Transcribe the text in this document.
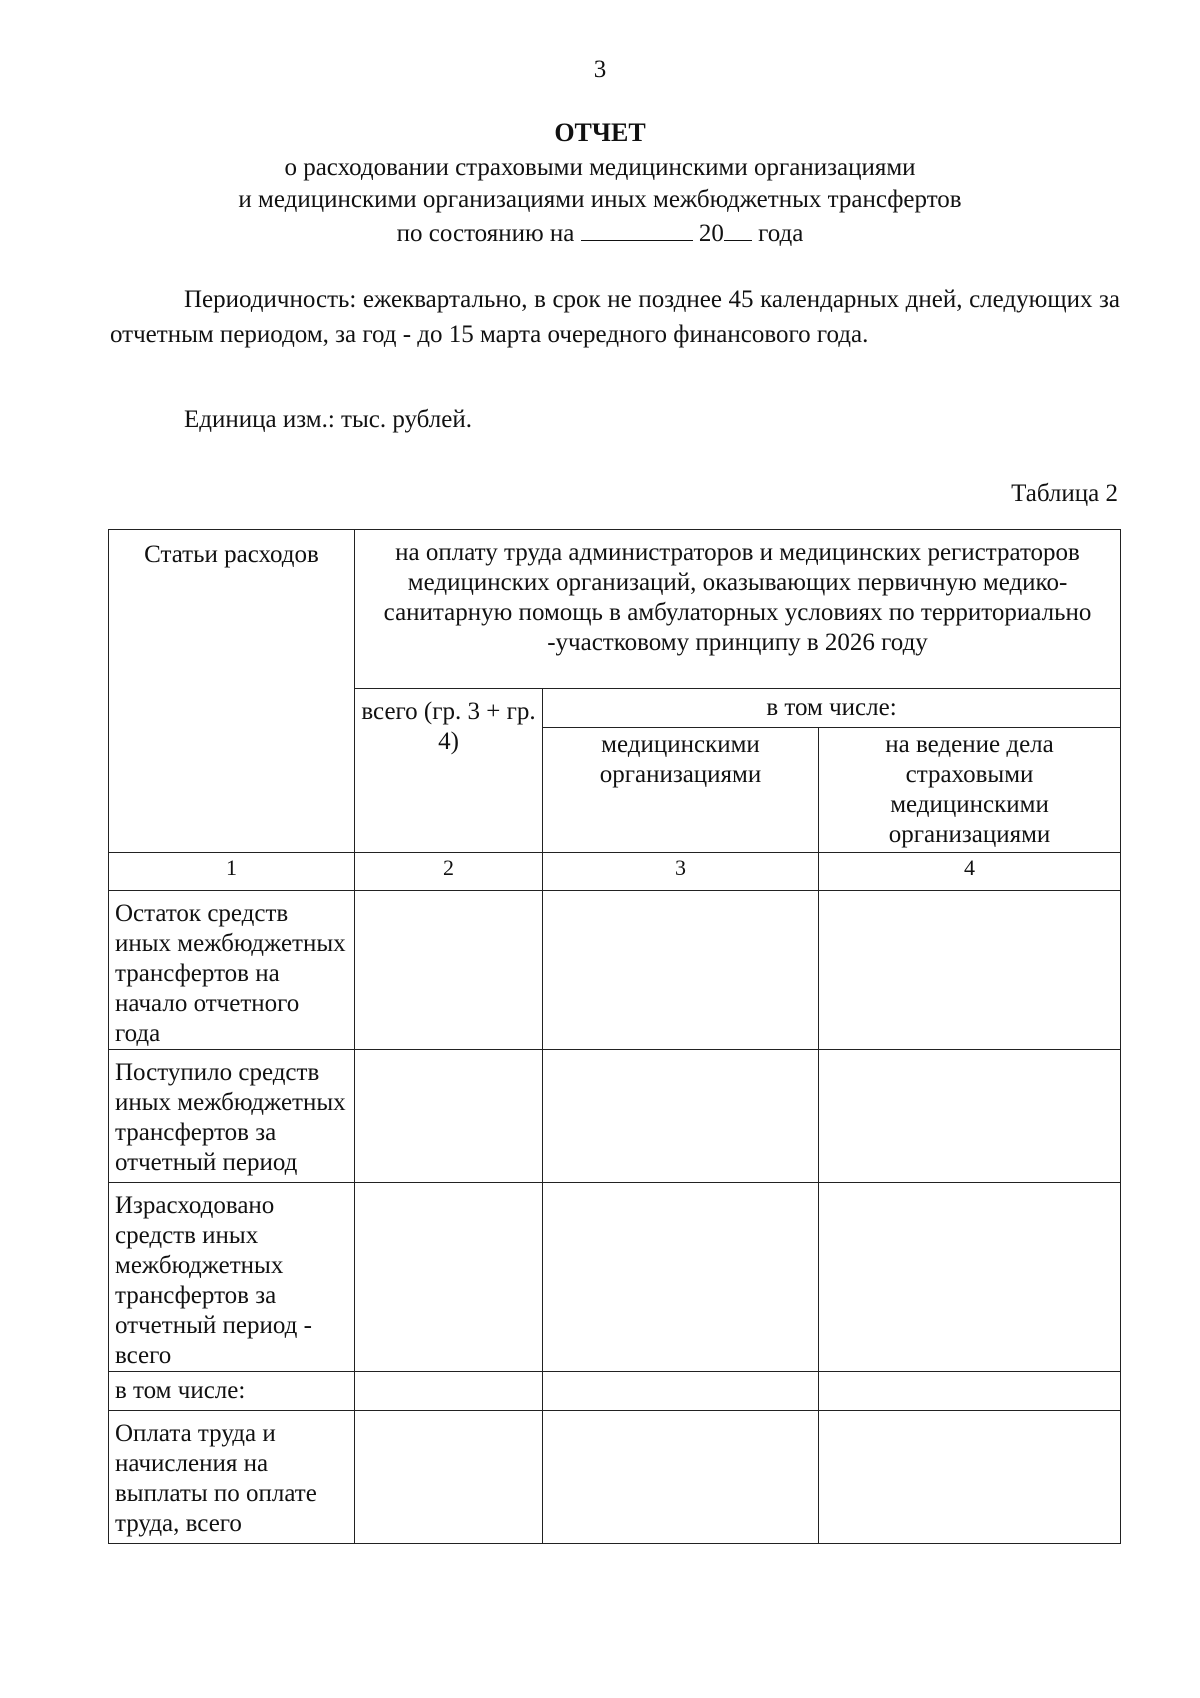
3
ОТЧЕТ
о расходовании страховыми медицинскими организациями
и медицинскими организациями иных межбюджетных трансфертов
по состоянию на	20 года
Периодичность: ежеквартально, в срок не позднее 45 календарных дней, следующих за отчетным периодом, за год - до 15 марта очередного финансового года.
Единица изм.: тыс. рублей.
Таблица 2
Статьи расходов	на оплату труда администраторов и медицинских регистраторов медицинских организаций, оказывающих первичную медико-санитарную помощь в амбулаторных условиях по территориально -участковому принципу в 2026 году		
	всего (гр. 3 + гр. 4)	в том числе:	
		медицинскими организациями	на ведение дела страховыми медицинскими организациями
1	2	3	4
Остаток средств иных межбюджетных трансфертов на начало отчетного года			
Поступило средств иных межбюджетных трансфертов за отчетный период			
Израсходовано средств иных межбюджетных трансфертов за отчетный период - всего			
в том числе:			
Оплата труда и начисления на выплаты по оплате труда, всего			
